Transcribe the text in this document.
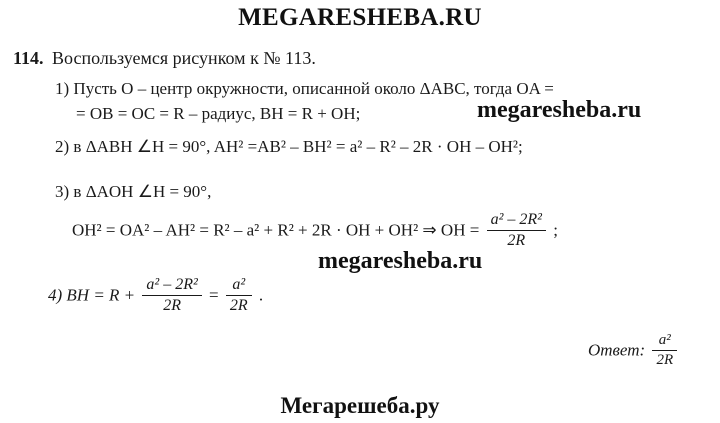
MEGARESHEBA.RU
114. Воспользуемся рисунком к № 113.
1) Пусть O – центр окружности, описанной около ΔABC, тогда OA =
= OB = OC = R – радиус, BH = R + OH;	megaresheba.ru
2) в ΔABH ∠H = 90°, AH² =AB² – BH² = a² – R² – 2R · OH – OH²;
3) в ΔAOH ∠H = 90°,
OH² = OA² – AH² = R² – a² + R² + 2R · OH + OH² ⇒ OH = $\frac{\text{a² – 2R²}}{2R}$ ;
megaresheba.ru
4) BH = $R + \frac{\text{a² – 2R²}}{2R} = \frac{\text{a²}}{2R}$ .
Ответ: $\frac{\text{a²}}{2R}$
Мегарешеба.ру
